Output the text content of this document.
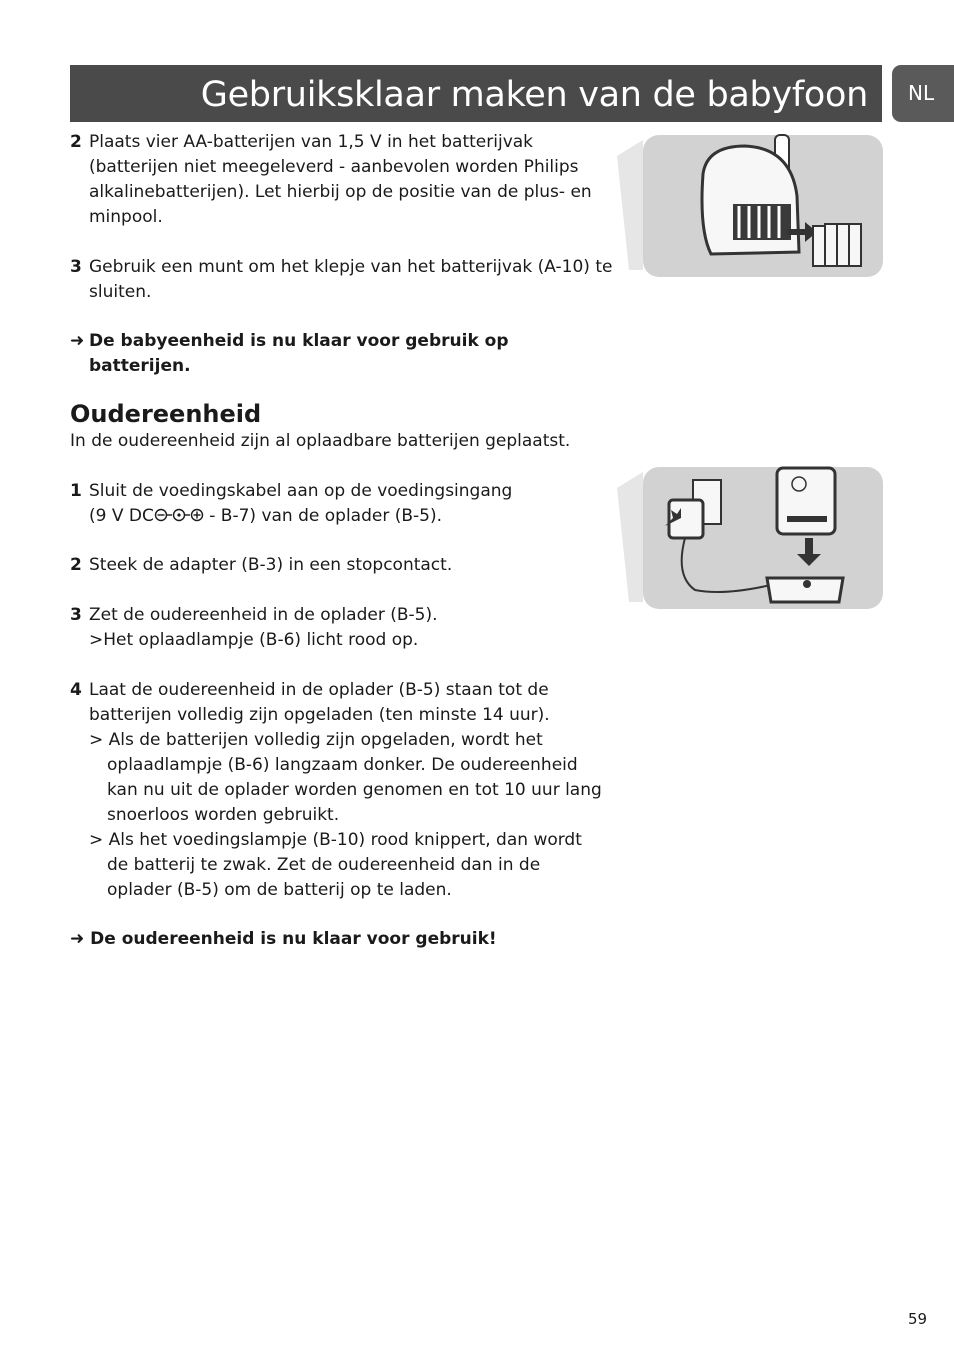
Gebruiksklaar maken van de babyfoon	NL
2 Plaats vier AA-batterijen van 1,5 V in het batterijvak (batterijen niet meegeleverd - aanbevolen worden Philips alkalinebatterijen). Let hierbij op de positie van de plus- en minpool.
3 Gebruik een munt om het klepje van het batterijvak (A-10) te sluiten.
➜ De babyeenheid is nu klaar voor gebruik op batterijen.
Oudereenheid
In de oudereenheid zijn al oplaadbare batterijen geplaatst.
1 Sluit de voedingskabel aan op de voedingsingang
(9 V DC	- B-7) van de oplader (B-5).
2 Steek de adapter (B-3) in een stopcontact.
3 Zet de oudereenheid in de oplader (B-5).
>Het oplaadlampje (B-6) licht rood op.
4 Laat de oudereenheid in de oplader (B-5) staan tot de batterijen volledig zijn opgeladen (ten minste 14 uur).
> Als de batterijen volledig zijn opgeladen, wordt het oplaadlampje (B-6) langzaam donker. De oudereenheid kan nu uit de oplader worden genomen en tot 10 uur lang snoerloos worden gebruikt.
> Als het voedingslampje (B-10) rood knippert, dan wordt de batterij te zwak. Zet de oudereenheid dan in de oplader (B-5) om de batterij op te laden.
➜ De oudereenheid is nu klaar voor gebruik!
59
